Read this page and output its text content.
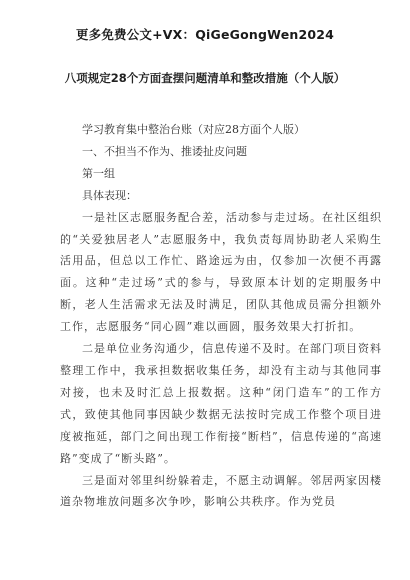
更多免费公文+VX：QiGeGongWen2024
八项规定28个方面查摆问题清单和整改措施（个人版）

学习教育集中整治台账（对应28方面个人版）

一、不担当不作为、推诿扯皮问题

第一组

具体表现：

一是社区志愿服务配合差，活动参与走过场。在社区组织的“关爱独居老人”志愿服务中，我负责每周协助老人采购生活用品，但总以工作忙、路途远为由，仅参加一次便不再露面。这种“走过场”式的参与，导致原本计划的定期服务中断，老人生活需求无法及时满足，团队其他成员需分担额外工作，志愿服务“同心圆”难以画圆，服务效果大打折扣。

二是单位业务沟通少，信息传递不及时。在部门项目资料整理工作中，我承担数据收集任务，却没有主动与其他同事对接，也未及时汇总上报数据。这种“闭门造车”的工作方式，致使其他同事因缺少数据无法按时完成工作整个项目进度被拖延，部门之间出现工作衔接“断档”，信息传递的“高速路”变成了“断头路”。

三是面对邻里纠纷躲着走，不愿主动调解。邻居两家因楼道杂物堆放问题多次争吵，影响公共秩序。作为党员
